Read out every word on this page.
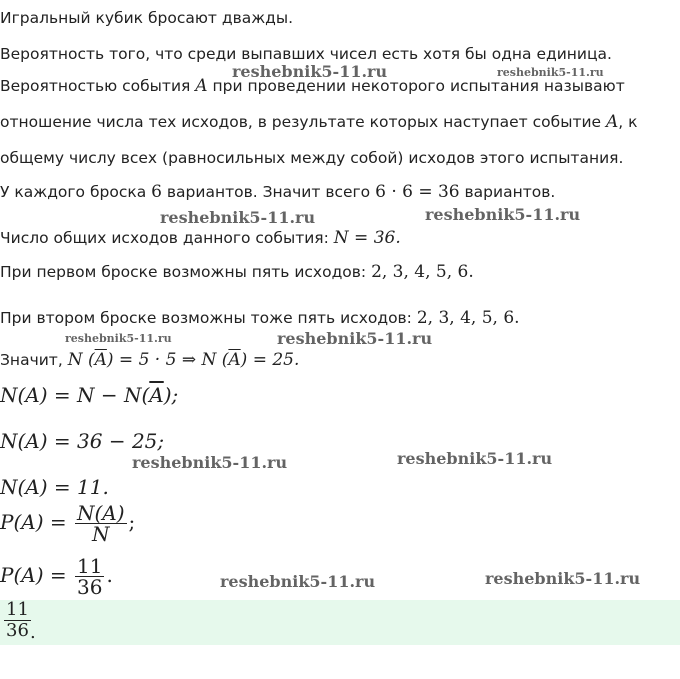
Игральный кубик бросают дважды.
Вероятность того, что среди выпавших чисел есть хотя бы одна единица.
Вероятностью события A при проведении некоторого испытания называют
отношение числа тех исходов, в результате которых наступает событие A, к
общему числу всех (равносильных между собой) исходов этого испытания.
У каждого броска 6 вариантов. Значит всего 6 · 6 = 36 вариантов.
Число общих исходов данного события: N = 36.
При первом броске возможны пять исходов: 2, 3, 4, 5, 6.
При втором броске возможны тоже пять исходов: 2, 3, 4, 5, 6.
Значит, N $(\overline{A}) = 5 \cdot 5$ ⇒ N $(\overline{A}) = 25$.
$N(A) = N - N(\overline{A})$;
N(A) = 36 − 25;
N(A) = 11.
$P(A) = \frac{N(A)}{N}$ ;
$P(A) = \frac{11}{36}$ .
$\frac{11}{36}$ .
reshebnik5-11.ru	reshebnik5-11.ru
reshebnik5-11.ru	reshebnik5-11.ru
reshebnik5-11.ru	reshebnik5-11.ru
reshebnik5-11.ru	reshebnik5-11.ru
reshebnik5-11.ru	reshebnik5-11.ru
